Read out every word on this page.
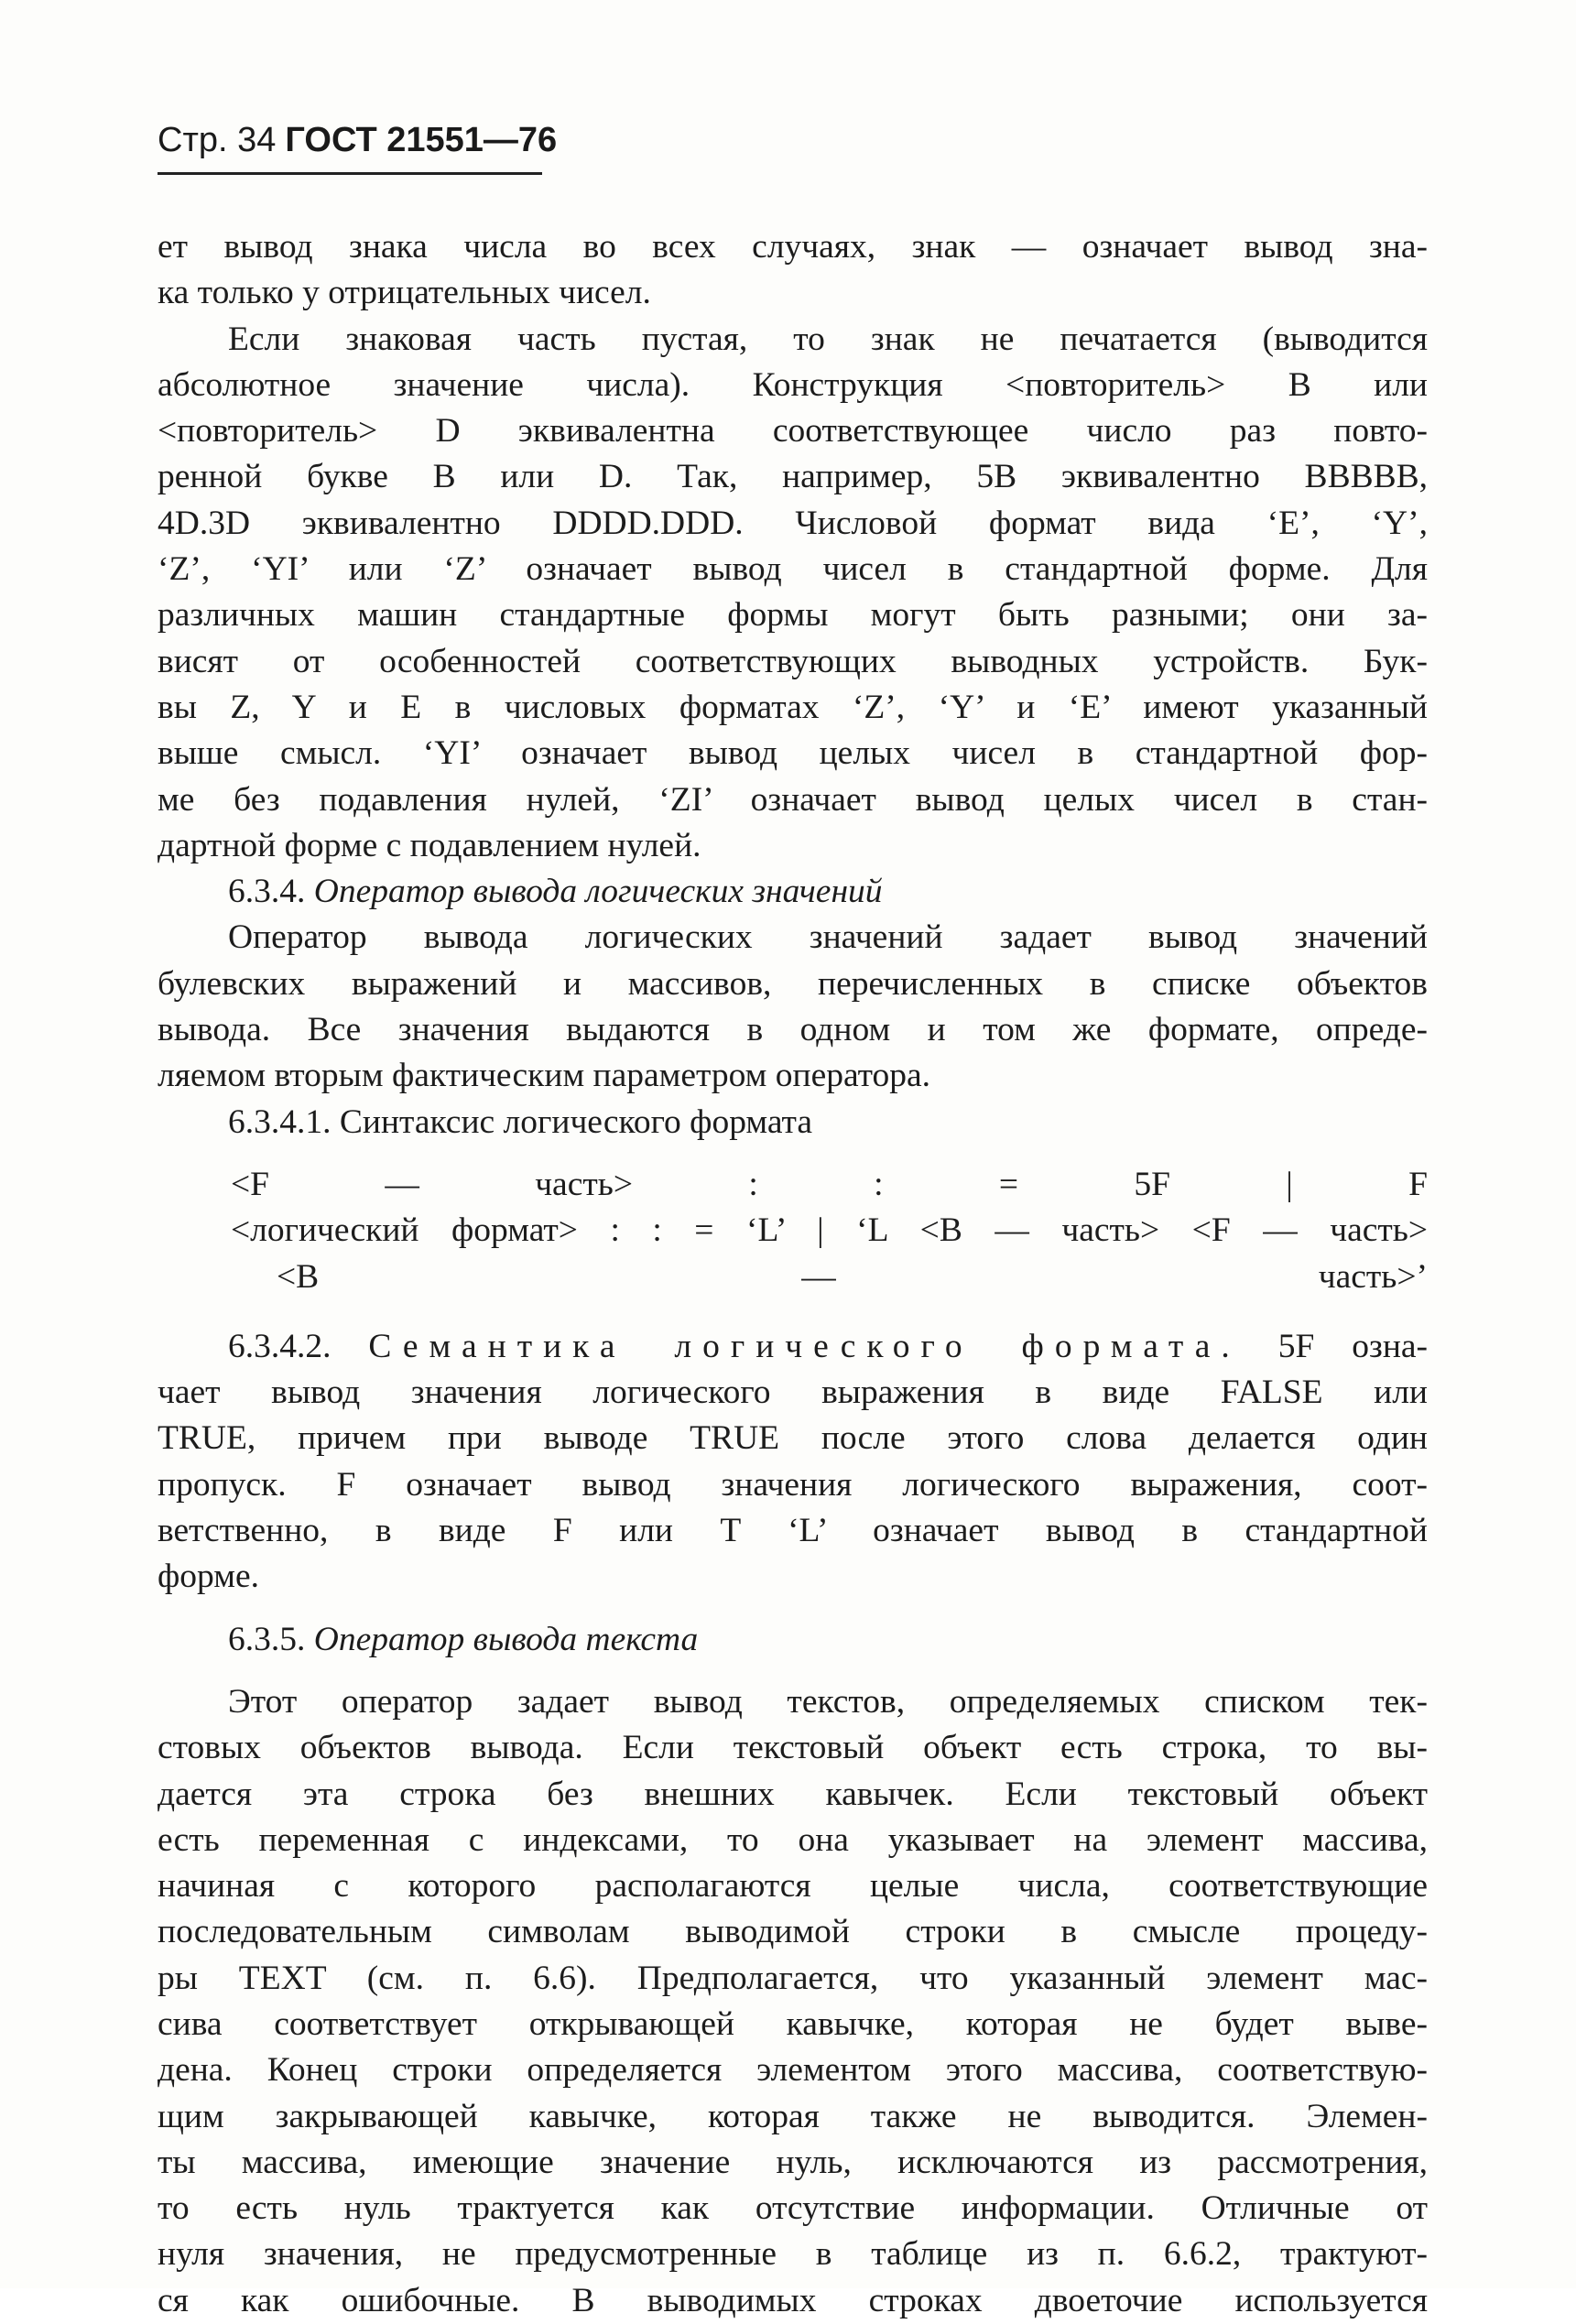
Стр. 34 ГОСТ 21551—76

ет вывод знака числа во всех случаях, знак — означает вывод зна-

ка только у отрицательных чисел.

Если знаковая часть пустая, то знак не печатается (выводится

абсолютное значение числа). Конструкция <повторитель> B или

<повторитель> D эквивалентна соответствующее число раз повто-

ренной букве B или D. Так, например, 5B эквивалентно BBBBB,

4D.3D эквивалентно DDDD.DDD. Числовой формат вида ‘E’, ‘Y’,

‘Z’, ‘YI’ или ‘Z’ означает вывод чисел в стандартной форме. Для

различных машин стандартные формы могут быть разными; они за-

висят от особенностей соответствующих выводных устройств. Бук-

вы Z, Y и E в числовых форматах ‘Z’, ‘Y’ и ‘E’ имеют указанный

выше смысл. ‘YI’ означает вывод целых чисел в стандартной фор-

ме без подавления нулей, ‘ZI’ означает вывод целых чисел в стан-

дартной форме с подавлением нулей.

6.3.4. Оператор вывода логических значений

Оператор вывода логических значений задает вывод значений

булевских выражений и массивов, перечисленных в списке объектов

вывода. Все значения выдаются в одном и том же формате, опреде-

ляемом вторым фактическим параметром оператора.

6.3.4.1. Синтаксис логического формата

<F — часть> : : = 5F | F

<логический формат> : : = ‘L’ | ‘L <B — часть> <F — часть>

<B — часть>’

6.3.4.2. Семантика логического формата. 5F озна-

чает вывод значения логического выражения в виде FALSE или

TRUE, причем при выводе TRUE после этого слова делается один

пропуск. F означает вывод значения логического выражения, соот-

ветственно, в виде F или T ‘L’ означает вывод в стандартной

форме.

6.3.5. Оператор вывода текста

Этот оператор задает вывод текстов, определяемых списком тек-

стовых объектов вывода. Если текстовый объект есть строка, то вы-

дается эта строка без внешних кавычек. Если текстовый объект

есть переменная с индексами, то она указывает на элемент массива,

начиная с которого располагаются целые числа, соответствующие

последовательным символам выводимой строки в смысле процеду-

ры TEXT (см. п. 6.6). Предполагается, что указанный элемент мас-

сива соответствует открывающей кавычке, которая не будет выве-

дена. Конец строки определяется элементом этого массива, соответствую-

щим закрывающей кавычке, которая также не выводится. Элемен-

ты массива, имеющие значение нуль, исключаются из рассмотрения,

то есть нуль трактуется как отсутствие информации. Отличные от

нуля значения, не предусмотренные в таблице из п. 6.6.2, трактуют-

ся как ошибочные. В выводимых строках двоеточие используется
